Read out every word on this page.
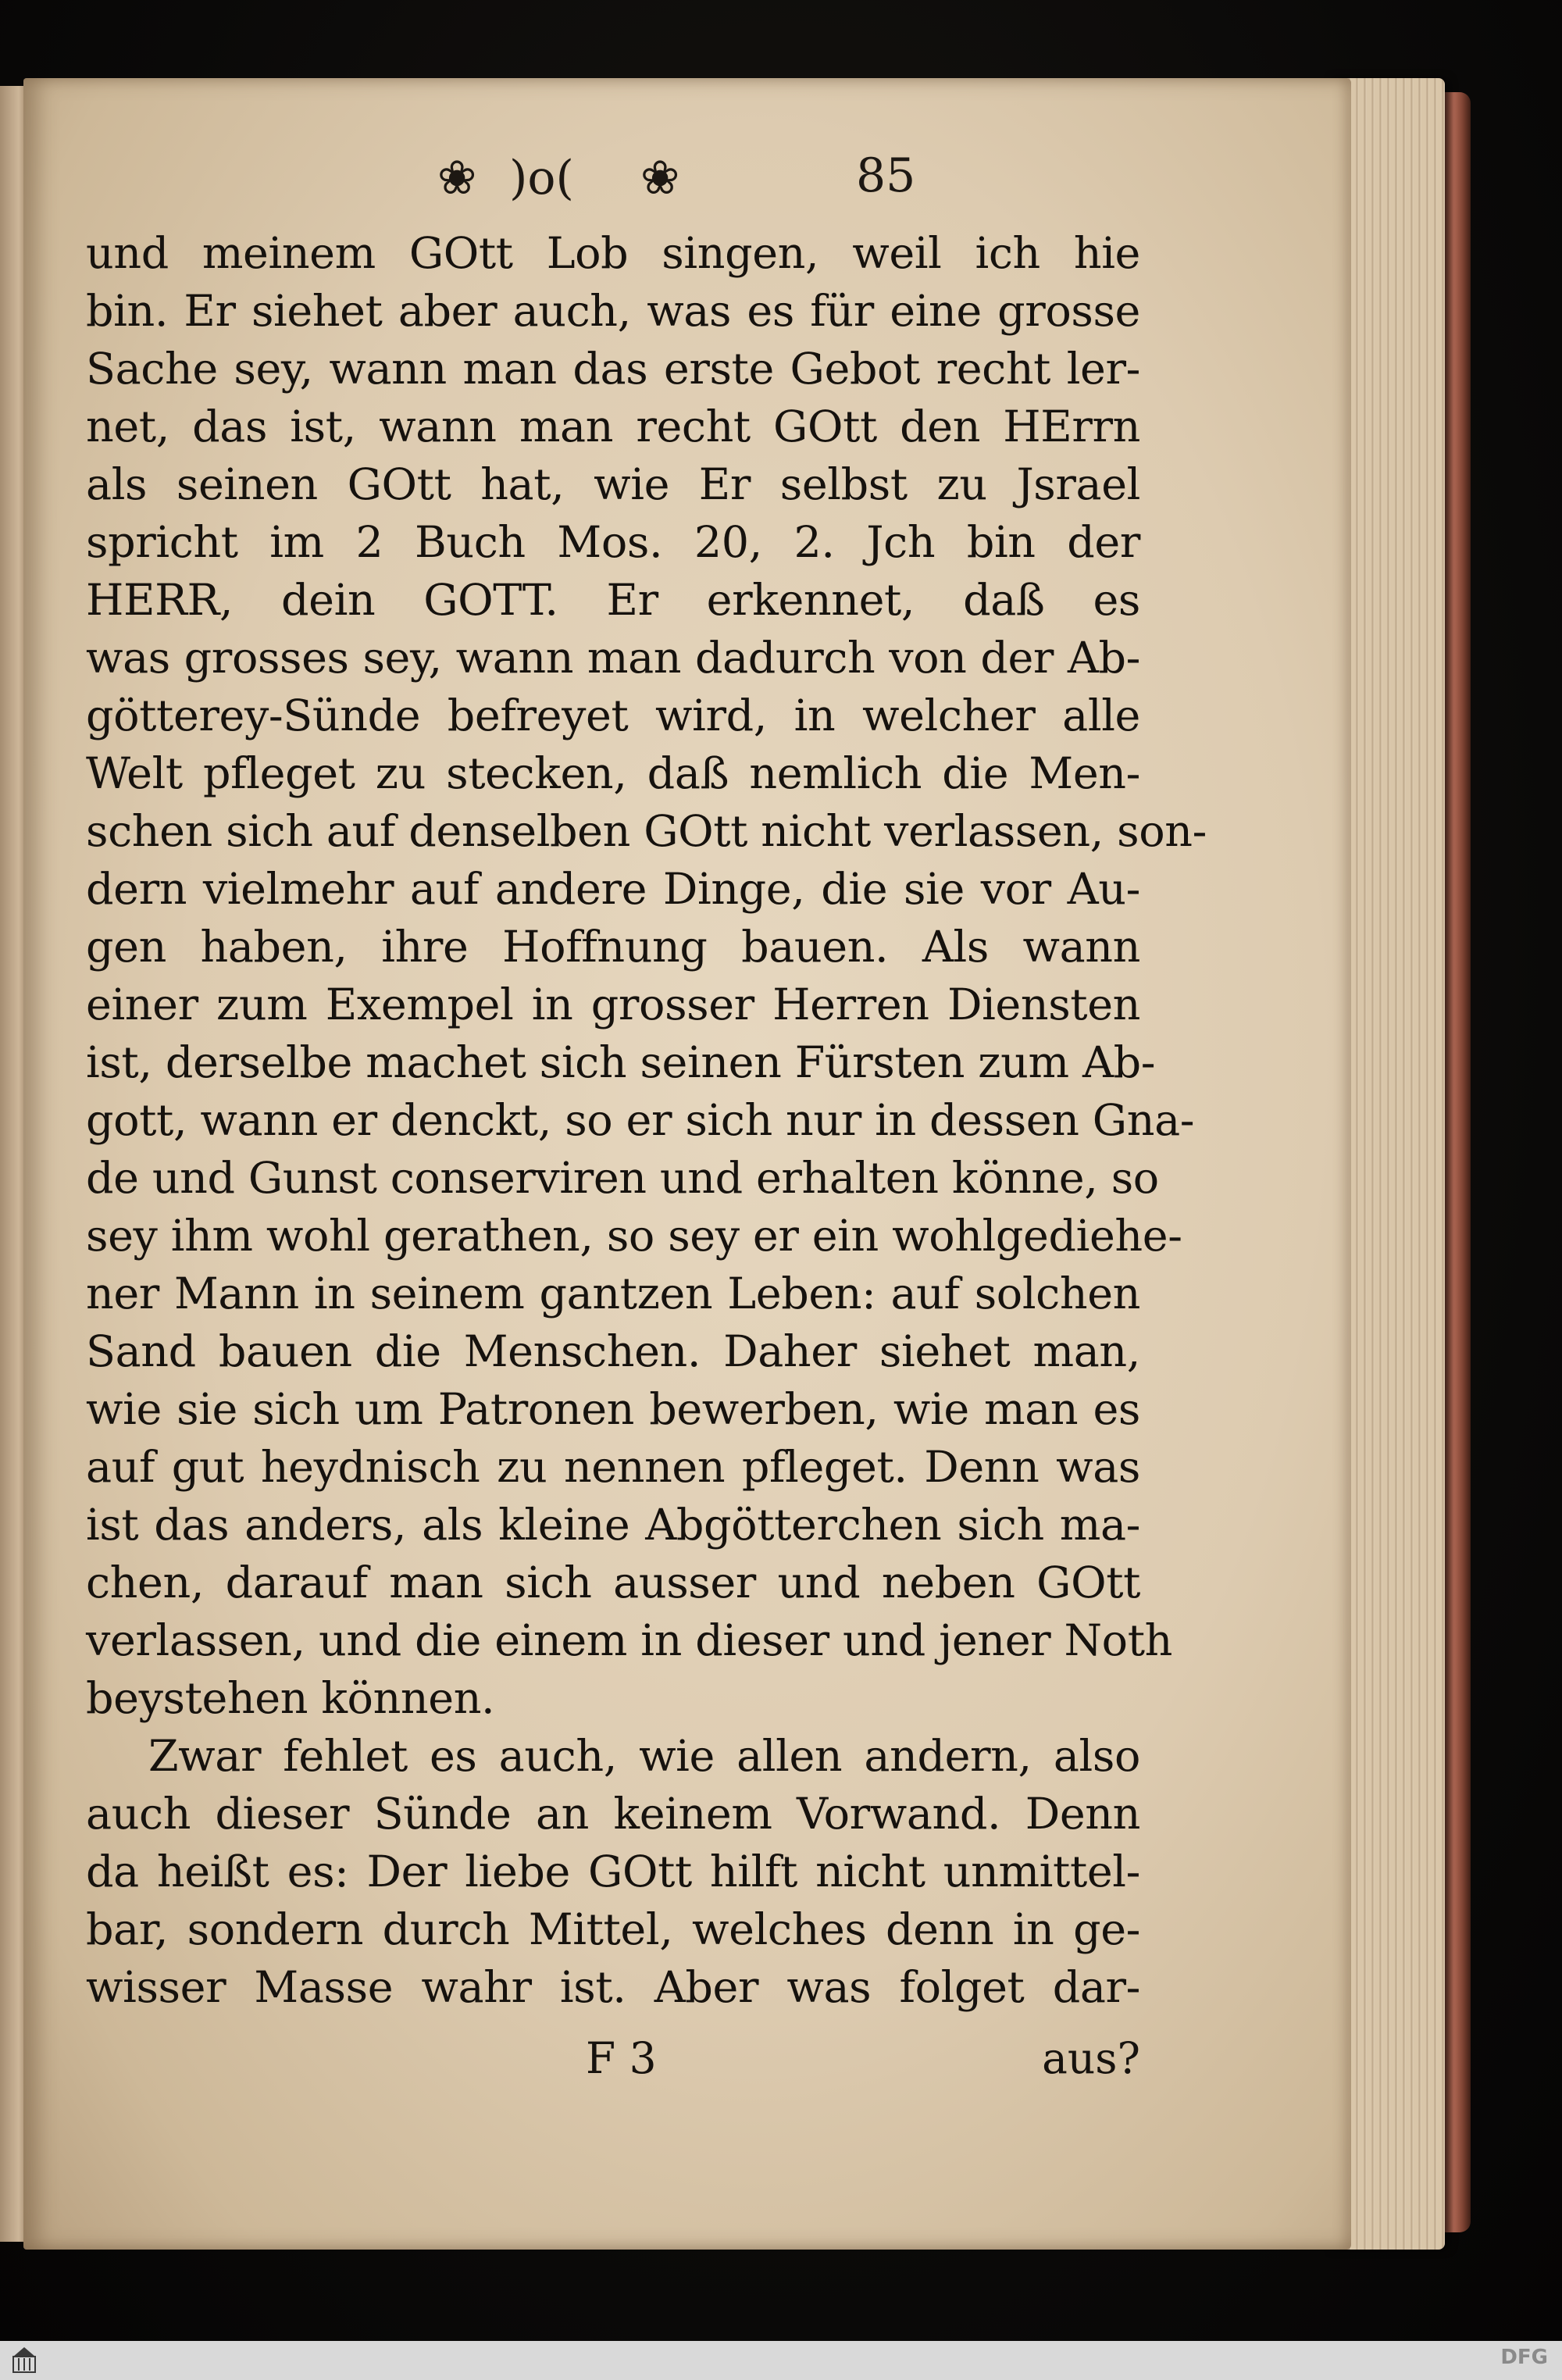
❀ )o( ❀	85
und meinem GOtt Lob singen, weil ich hie
bin. Er siehet aber auch, was es für eine grosse
Sache sey, wann man das erste Gebot recht ler-
net, das ist, wann man recht GOtt den HErrn
als seinen GOtt hat, wie Er selbst zu Jsrael
spricht im 2 Buch Mos. 20, 2. Jch bin der
HERR, dein GOTT. Er erkennet, daß es
was grosses sey, wann man dadurch von der Ab-
götterey-Sünde befreyet wird, in welcher alle
Welt pfleget zu stecken, daß nemlich die Men-
schen sich auf denselben GOtt nicht verlassen, son-
dern vielmehr auf andere Dinge, die sie vor Au-
gen haben, ihre Hoffnung bauen. Als wann
einer zum Exempel in grosser Herren Diensten
ist, derselbe machet sich seinen Fürsten zum Ab-
gott, wann er denckt, so er sich nur in dessen Gna-
de und Gunst conserviren und erhalten könne, so
sey ihm wohl gerathen, so sey er ein wohlgediehe-
ner Mann in seinem gantzen Leben: auf solchen
Sand bauen die Menschen. Daher siehet man,
wie sie sich um Patronen bewerben, wie man es
auf gut heydnisch zu nennen pfleget. Denn was
ist das anders, als kleine Abgötterchen sich ma-
chen, darauf man sich ausser und neben GOtt
verlassen, und die einem in dieser und jener Noth
beystehen können.
Zwar fehlet es auch, wie allen andern, also
auch dieser Sünde an keinem Vorwand. Denn
da heißt es: Der liebe GOtt hilft nicht unmittel-
bar, sondern durch Mittel, welches denn in ge-
wisser Masse wahr ist. Aber was folget dar-
F 3	aus?
DFG
